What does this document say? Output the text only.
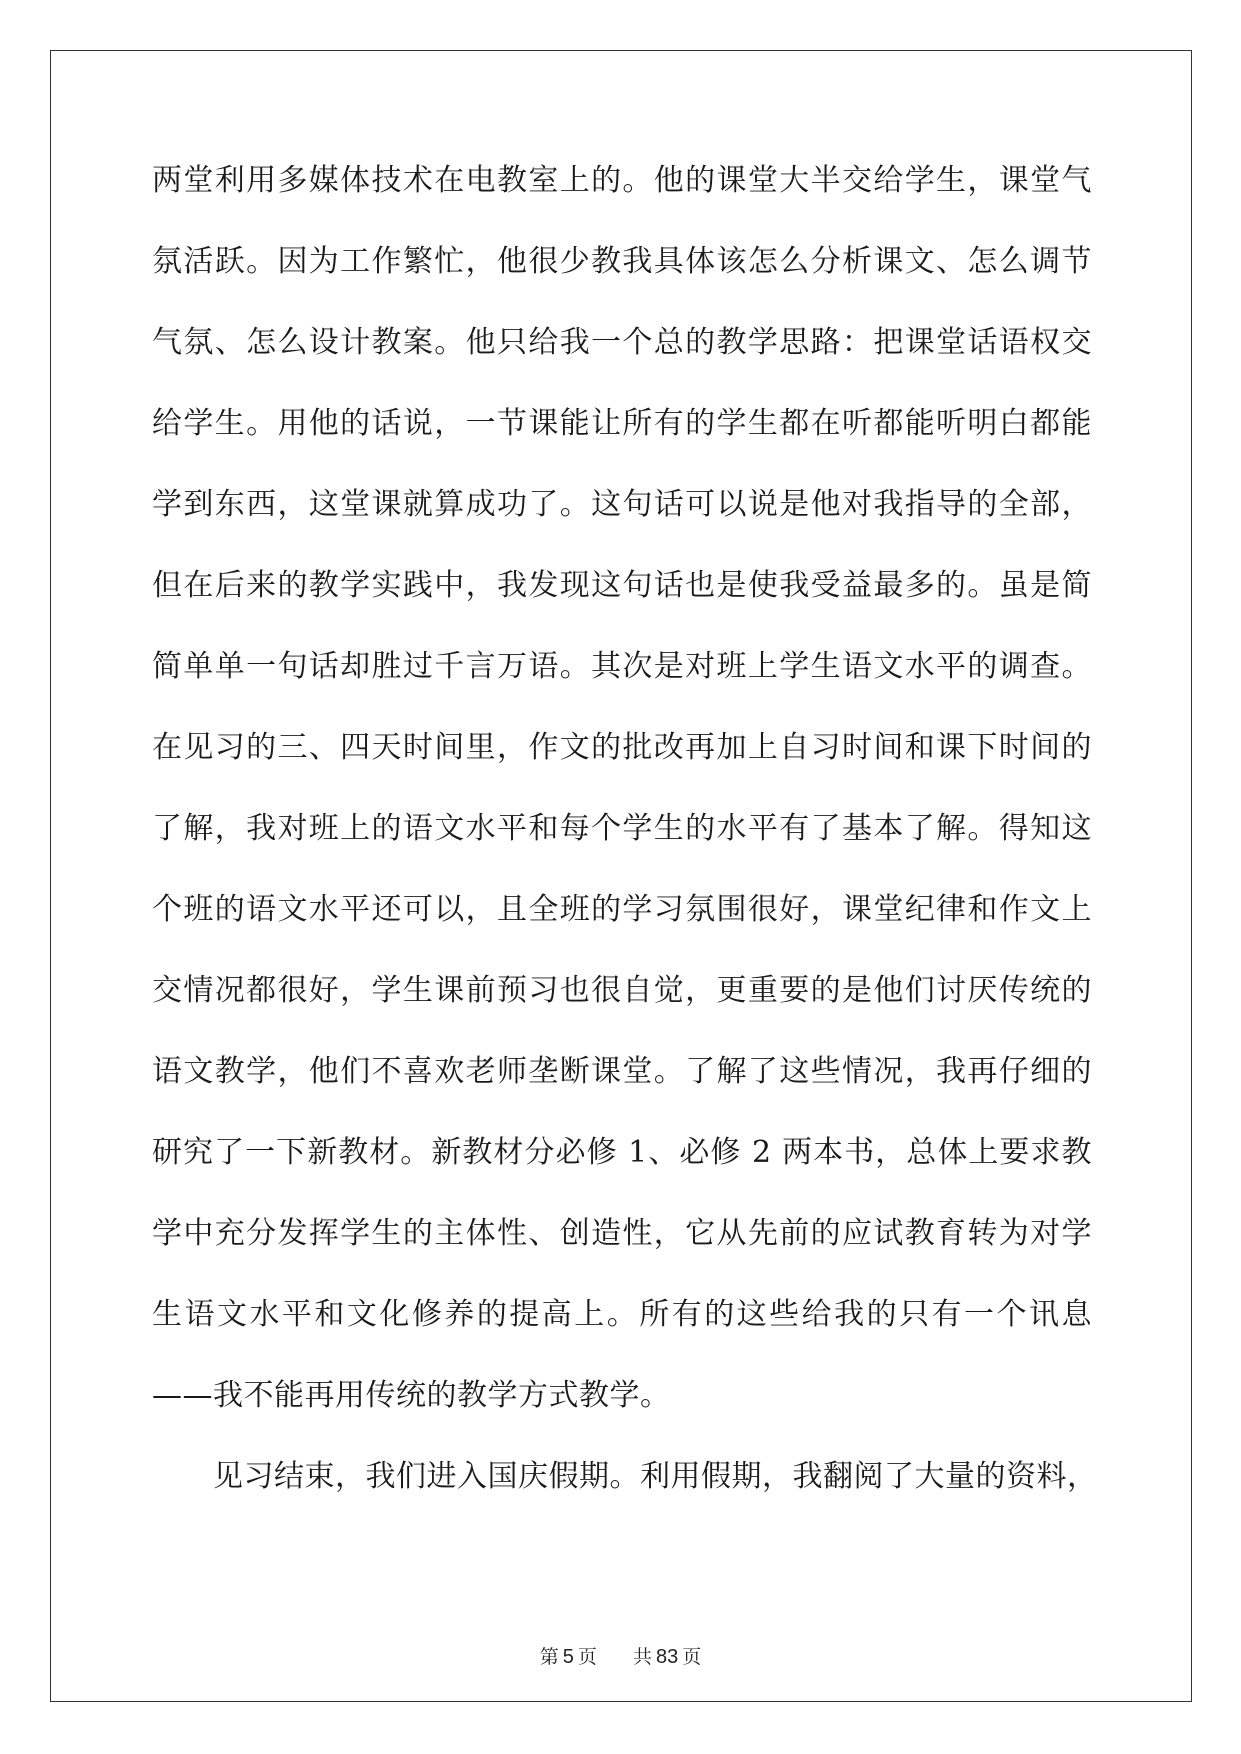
两堂利用多媒体技术在电教室上的。他的课堂大半交给学生，课堂气
氛活跃。因为工作繁忙，他很少教我具体该怎么分析课文、怎么调节
气氛、怎么设计教案。他只给我一个总的教学思路：把课堂话语权交
给学生。用他的话说，一节课能让所有的学生都在听都能听明白都能
学到东西，这堂课就算成功了。这句话可以说是他对我指导的全部，
但在后来的教学实践中，我发现这句话也是使我受益最多的。虽是简
简单单一句话却胜过千言万语。其次是对班上学生语文水平的调查。
在见习的三、四天时间里，作文的批改再加上自习时间和课下时间的
了解，我对班上的语文水平和每个学生的水平有了基本了解。得知这
个班的语文水平还可以，且全班的学习氛围很好，课堂纪律和作文上
交情况都很好，学生课前预习也很自觉，更重要的是他们讨厌传统的
语文教学，他们不喜欢老师垄断课堂。了解了这些情况，我再仔细的
研究了一下新教材。新教材分必修 1、必修 2 两本书，总体上要求教
学中充分发挥学生的主体性、创造性，它从先前的应试教育转为对学
生语文水平和文化修养的提高上。所有的这些给我的只有一个讯息
——我不能再用传统的教学方式教学。
　　见习结束，我们进入国庆假期。利用假期，我翻阅了大量的资料，
第 5 页 共 83 页
